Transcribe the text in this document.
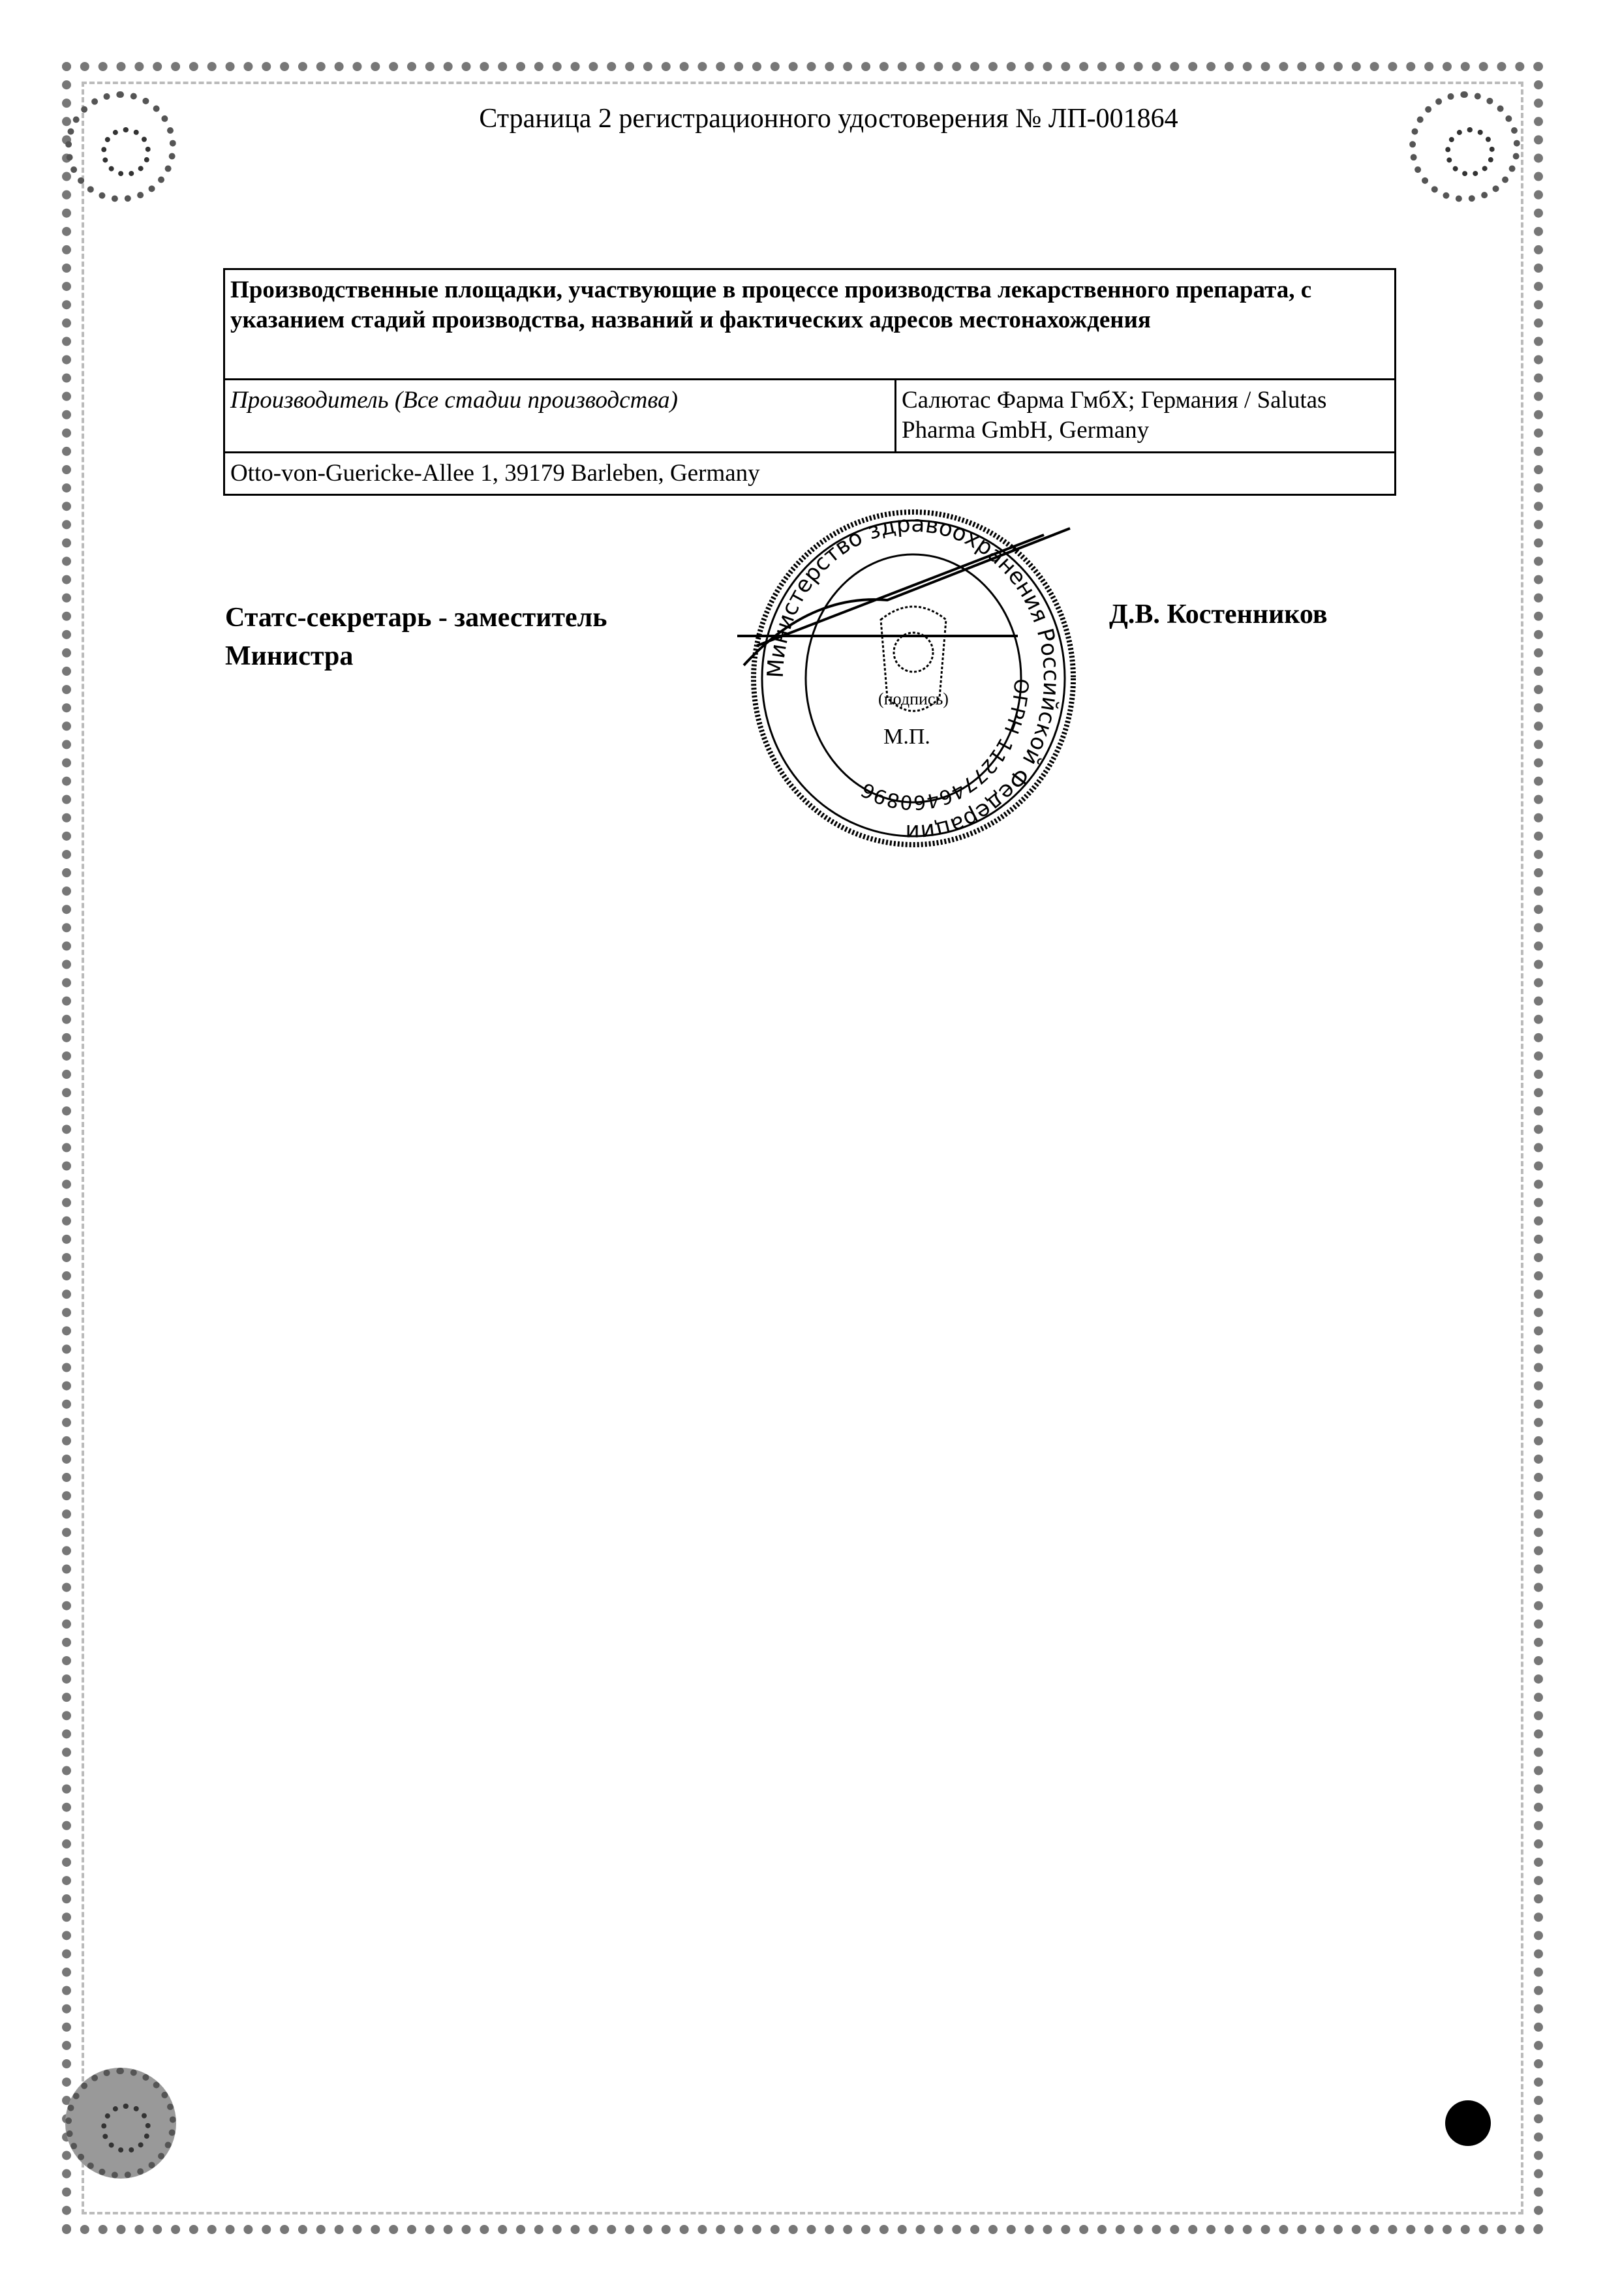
Страница 2 регистрационного удостоверения № ЛП-001864
Производственные площадки, участвующие в процессе производства лекарственного препарата, с указанием стадий производства, названий и фактических адресов местонахождения
Производитель (Все стадии производства)	Салютас Фарма ГмбХ; Германия / Salutas Pharma GmbH, Germany
Otto-von-Guericke-Allee 1, 39179 Barleben, Germany
Статс-секретарь - заместитель
Министра
Д.В. Костенников
Министерство здравоохранения Российской Федерации
ОГРН 1127746460896
(подпись)
М.П.
